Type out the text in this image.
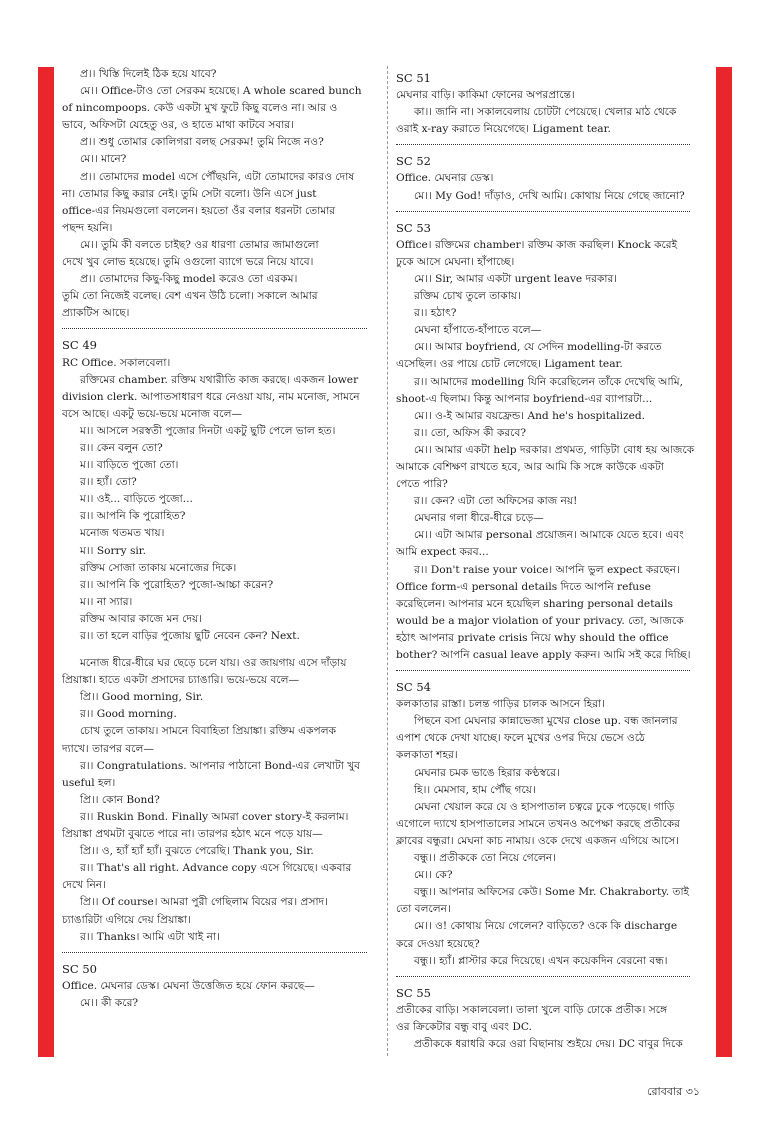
প্র।। খিস্তি দিলেই ঠিক হয়ে যাবে?
মে।। Office-টাও তো সেরকম হয়েছে। A whole scared bunch
of nincompoops. কেউ একটা মুখ ফুটে কিছু বলেও না। আর ও
ভাবে, অফিসটা যেহেতু ওর, ও হাতে মাথা কাটবে সবার।
প্র।। শুধু তোমার কোলিগরা বলছ সেরকম! তুমি নিজে নও?
মে।। মানে?
প্র।। তোমাদের model এসে পৌঁছয়নি, এটা তোমাদের কারও দোষ
না। তোমার কিছু করার নেই। তুমি সেটা বলো। উনি এসে just
office-এর নিয়মগুলো বললেন। হয়তো ওঁর বলার ধরনটা তোমার
পছন্দ হয়নি।
মে।। তুমি কী বলতে চাইছ? ওর ধারণা তোমার জামাগুলো
দেখে খুব লোভ হয়েছে। তুমি ওগুলো ব্যাগে ভরে নিয়ে যাবে।
প্র।। তোমাদের কিছু-কিছু model করেও তো এরকম।
তুমি তো নিজেই বলেছ। বেশ এখন উঠি চলো। সকালে আমার
প্র্যাকটিস আছে।
SC 49
RC Office. সকালবেলা।
রক্তিমের chamber. রক্তিম যথারীতি কাজ করছে। একজন lower
division clerk. আপাতসাধারণ ধরে নেওয়া যায়, নাম মনোজ, সামনে
বসে আছে। একটু ভয়ে-ভয়ে মনোজ বলে—
ম।। আসলে সরস্বতী পুজোর দিনটা একটু ছুটি পেলে ভাল হত।
র।। কেন বলুন তো?
ম।। বাড়িতে পুজো তো।
র।। হ্যাঁ। তো?
ম।। ওই... বাড়িতে পুজো...
র।। আপনি কি পুরোহিত?
মনোজ থতমত খায়।
ম।। Sorry sir.
রক্তিম সোজা তাকায় মনোজের দিকে।
র।। আপনি কি পুরোহিত? পুজো-আচ্চা করেন?
ম।। না স্যার।
রক্তিম আবার কাজে মন দেয়।
র।। তা হলে বাড়ির পুজোয় ছুটি নেবেন কেন? Next.
মনোজ ধীরে-ধীরে ঘর ছেড়ে চলে যায়। ওর জায়গায় এসে দাঁড়ায়
প্রিয়াঙ্কা। হাতে একটা প্রসাদের চ্যাঙারি। ভয়ে-ভয়ে বলে—
প্রি।। Good morning, Sir.
র।। Good morning.
চোখ তুলে তাকায়। সামনে বিবাহিতা প্রিয়াঙ্কা। রক্তিম একপলক
দ্যাখে। তারপর বলে—
র।। Congratulations. আপনার পাঠানো Bond-এর লেখাটা খুব
useful হল।
প্রি।। কোন Bond?
র।। Ruskin Bond. Finally আমরা cover story-ই করলাম।
প্রিয়াঙ্কা প্রথমটা বুঝতে পারে না। তারপর হঠাৎ মনে পড়ে যায়—
প্রি।। ও, হ্যাঁ হ্যাঁ হ্যাঁ। বুঝতে পেরেছি। Thank you, Sir.
র।। That's all right. Advance copy এসে গিয়েছে। একবার
দেখে নিন।
প্রি।। Of course। আমরা পুরী গেছিলাম বিয়ের পর। প্রসাদ।
চ্যাঙারিটা এগিয়ে দেয় প্রিয়াঙ্কা।
র।। Thanks। আমি এটা খাই না।
SC 50
Office. মেঘনার ডেস্ক। মেঘনা উত্তেজিত হয়ে ফোন করছে—
মে।। কী করে?
SC 51
মেঘনার বাড়ি। কাকিমা ফোনের অপরপ্রান্তে।
কা।। জানি না। সকালবেলায় চোটটা পেয়েছে। খেলার মাঠ থেকে
ওরাই x-ray করাতে নিয়েগেছে। Ligament tear.
SC 52
Office. মেঘনার ডেস্ক।
মে।। My God! দাঁড়াও, দেখি আমি। কোথায় নিয়ে গেছে জানো?
SC 53
Office। রক্তিমের chamber। রক্তিম কাজ করছিল। Knock করেই
ঢুকে আসে মেঘনা। হাঁপাচ্ছে।
মে।। Sir, আমার একটা urgent leave দরকার।
রক্তিম চোখ তুলে তাকায়।
র।। হঠাৎ?
মেঘনা হাঁপাতে-হাঁপাতে বলে—
মে।। আমার boyfriend, যে সেদিন modelling-টা করতে
এসেছিল। ওর পায়ে চোট লেগেছে। Ligament tear.
র।। আমাদের modelling যিনি করেছিলেন তাঁকে দেখেছি আমি,
shoot-এ ছিলাম। কিন্তু আপনার boyfriend-এর ব্যাপারটা...
মে।। ও-ই আমার বয়ফ্রেন্ড। And he's hospitalized.
র।। তো, অফিস কী করবে?
মে।। আমার একটা help দরকার। প্রথমত, গাড়িটা বোধ হয় আজকে
আমাকে বেশিক্ষণ রাখতে হবে, আর আমি কি সঙ্গে কাউকে একটা
পেতে পারি?
র।। কেন? এটা তো অফিসের কাজ নয়!
মেঘনার গলা ধীরে-ধীরে চড়ে—
মে।। এটা আমার personal প্রয়োজন। আমাকে যেতে হবে। এবং
আমি expect করব...
র।। Don't raise your voice। আপনি ভুল expect করছেন।
Office form-এ personal details দিতে আপনি refuse
করেছিলেন। আপনার মনে হয়েছিল sharing personal details
would be a major violation of your privacy. তো, আজকে
হঠাৎ আপনার private crisis নিয়ে why should the office
bother? আপনি casual leave apply করুন। আমি সই করে দিচ্ছি।
SC 54
কলকাতার রাস্তা। চলন্ত গাড়ির চালক আসনে হিরা।
পিছনে বসা মেঘনার কান্নাভেজা মুখের close up. বন্ধ জানলার
এপাশ থেকে দেখা যাচ্ছে। ফলে মুখের ওপর দিয়ে ভেসে ওঠে
কলকাতা শহর।
মেঘনার চমক ভাঙে হিরার কণ্ঠস্বরে।
হি।। মেমসাব, হাম পৌঁছ গয়ে।
মেঘনা খেয়াল করে যে ও হাসপাতাল চত্বরে ঢুকে পড়েছে। গাড়ি
এগোলে দ্যাখে হাসপাতালের সামনে তখনও অপেক্ষা করছে প্রতীকের
ক্লাবের বন্ধুরা। মেঘনা কাচ নামায়। ওকে দেখে একজন এগিয়ে আসে।
বন্ধু।। প্রতীককে তো নিয়ে গেলেন।
মে।। কে?
বন্ধু।। আপনার অফিসের কেউ। Some Mr. Chakraborty. তাই
তো বললেন।
মে।। ও! কোথায় নিয়ে গেলেন? বাড়িতে? ওকে কি discharge
করে দেওয়া হয়েছে?
বন্ধু।। হ্যাঁ। প্লাস্টার করে দিয়েছে। এখন কয়েকদিন বেরনো বন্ধ।
SC 55
প্রতীকের বাড়ি। সকালবেলা। তালা খুলে বাড়ি ঢোকে প্রতীক। সঙ্গে
ওর ক্রিকেটার বন্ধু বাবু এবং DC.
প্রতীককে ধরাধরি করে ওরা বিছানায় শুইয়ে দেয়। DC বাবুর দিকে
রোববার ৩১
